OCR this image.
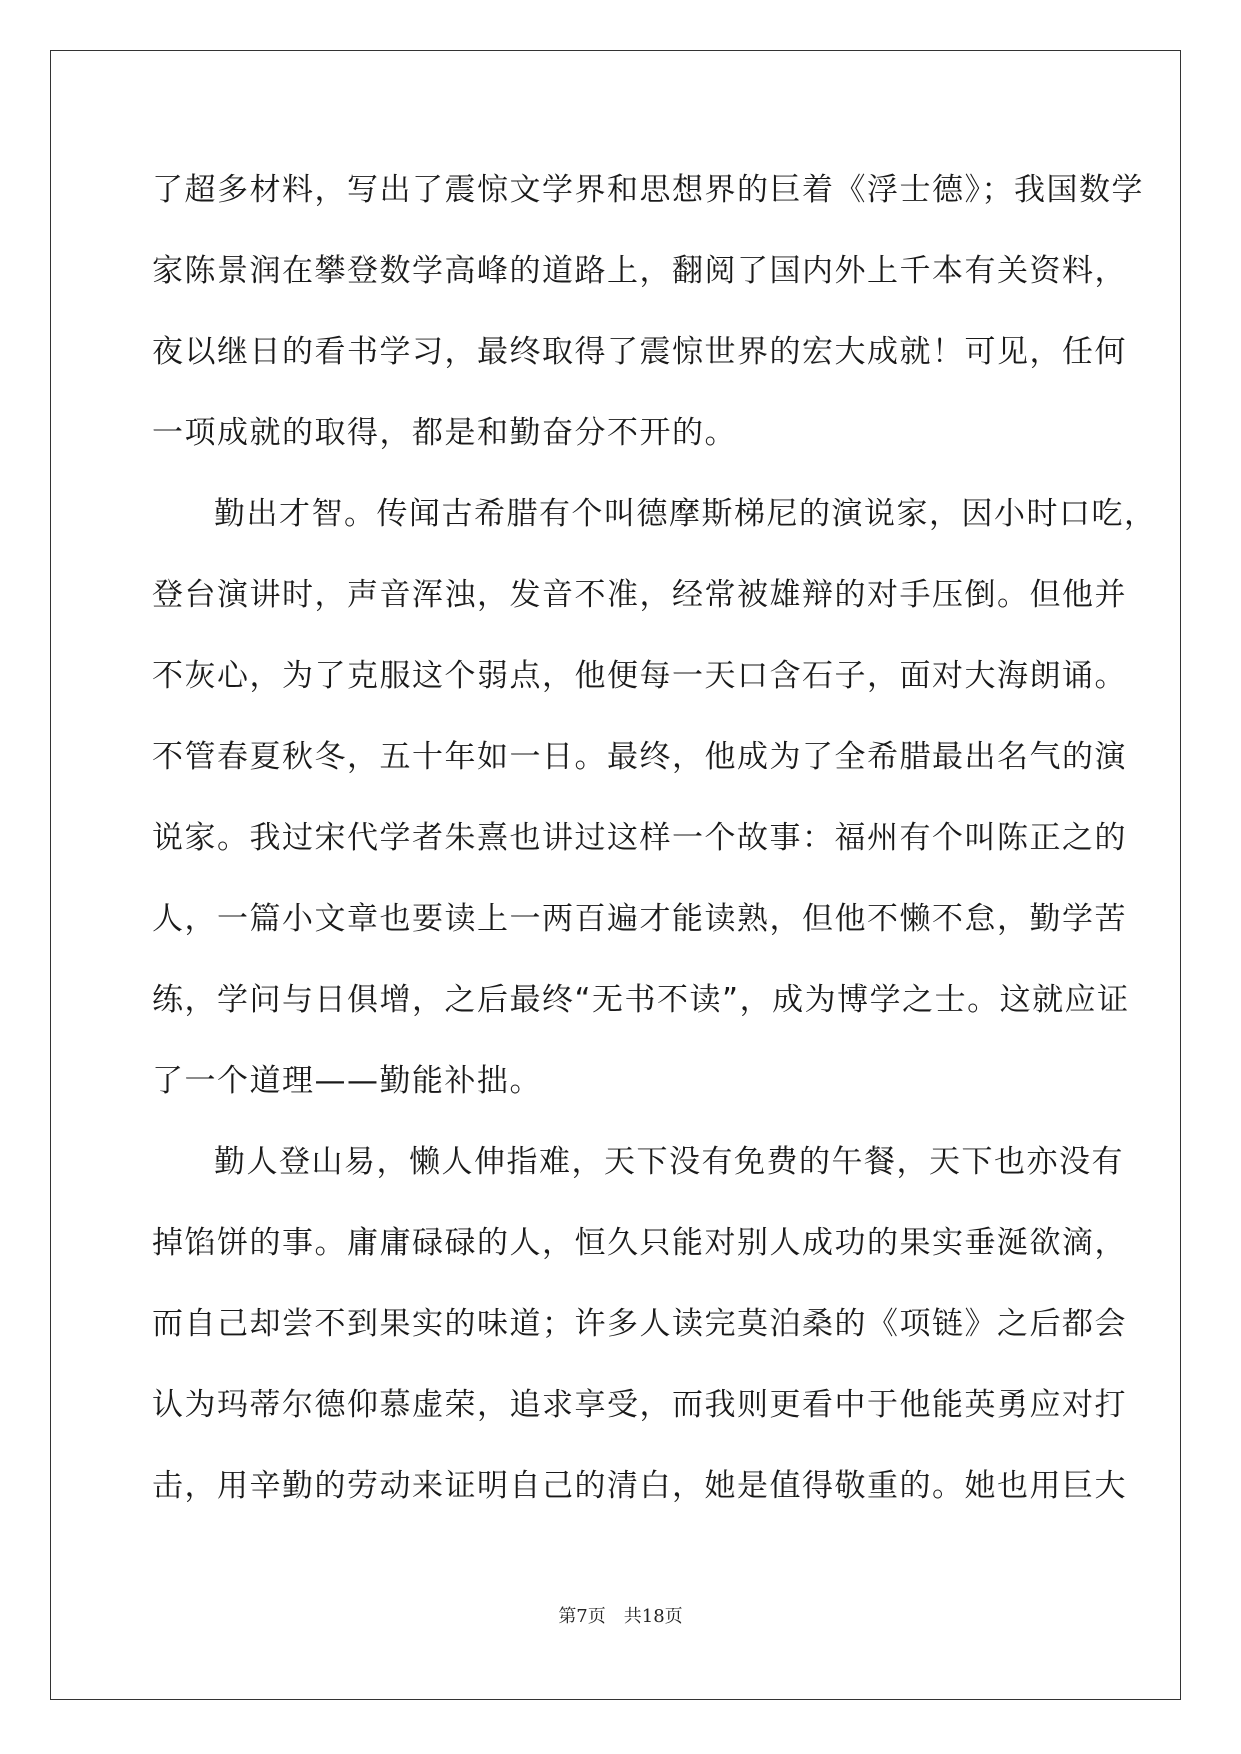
了超多材料，写出了震惊文学界和思想界的巨着《浮士德》；我国数学
家陈景润在攀登数学高峰的道路上，翻阅了国内外上千本有关资料，
夜以继日的看书学习，最终取得了震惊世界的宏大成就！可见，任何
一项成就的取得，都是和勤奋分不开的。
勤出才智。传闻古希腊有个叫德摩斯梯尼的演说家，因小时口吃，
登台演讲时，声音浑浊，发音不准，经常被雄辩的对手压倒。但他并
不灰心，为了克服这个弱点，他便每一天口含石子，面对大海朗诵。
不管春夏秋冬，五十年如一日。最终，他成为了全希腊最出名气的演
说家。我过宋代学者朱熹也讲过这样一个故事：福州有个叫陈正之的
人，一篇小文章也要读上一两百遍才能读熟，但他不懒不怠，勤学苦
练，学问与日俱增，之后最终“无书不读”，成为博学之士。这就应证
了一个道理——勤能补拙。
勤人登山易，懒人伸指难，天下没有免费的午餐，天下也亦没有
掉馅饼的事。庸庸碌碌的人，恒久只能对别人成功的果实垂涎欲滴，
而自己却尝不到果实的味道；许多人读完莫泊桑的《项链》之后都会
认为玛蒂尔德仰慕虚荣，追求享受，而我则更看中于他能英勇应对打
击，用辛勤的劳动来证明自己的清白，她是值得敬重的。她也用巨大
第7页 共18页
